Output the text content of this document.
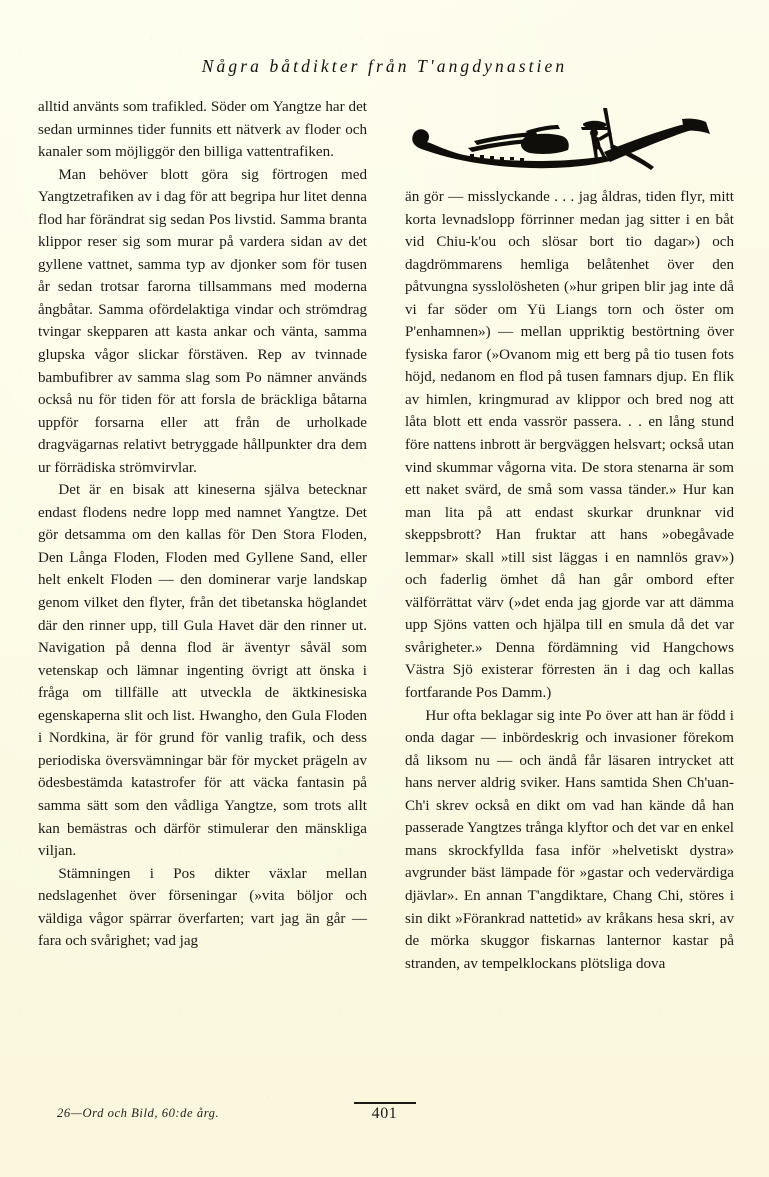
Några båtdikter från T'angdynastien

alltid använts som trafikled. Söder om Yangtze har det sedan urminnes tider funnits ett nätverk av floder och kanaler som möjliggör den billiga vattentrafiken.

Man behöver blott göra sig förtrogen med Yangtzetrafiken av i dag för att begripa hur litet denna flod har förändrat sig sedan Pos livstid. Samma branta klippor reser sig som murar på vardera sidan av det gyllene vattnet, samma typ av djonker som för tusen år sedan trotsar farorna tillsammans med moderna ångbåtar. Samma ofördelaktiga vindar och strömdrag tvingar skepparen att kasta ankar och vänta, samma glupska vågor slickar förstäven. Rep av tvinnade bambufibrer av samma slag som Po nämner används också nu för tiden för att forsla de bräckliga båtarna uppför forsarna eller att från de urholkade dragvägarnas relativt betryggade hållpunkter dra dem ur förrädiska strömvirvlar.

Det är en bisak att kineserna själva betecknar endast flodens nedre lopp med namnet Yangtze. Det gör detsamma om den kallas för Den Stora Floden, Den Långa Floden, Floden med Gyllene Sand, eller helt enkelt Floden — den dominerar varje landskap genom vilket den flyter, från det tibetanska höglandet där den rinner upp, till Gula Havet där den rinner ut. Navigation på denna flod är äventyr såväl som vetenskap och lämnar ingenting övrigt att önska i fråga om tillfälle att utveckla de äktkinesiska egenskaperna slit och list. Hwangho, den Gula Floden i Nordkina, är för grund för vanlig trafik, och dess periodiska översvämningar bär för mycket prägeln av ödesbestämda katastrofer för att väcka fantasin på samma sätt som den vådliga Yangtze, som trots allt kan bemästras och därför stimulerar den mänskliga viljan.

Stämningen i Pos dikter växlar mellan nedslagenhet över förseningar (»vita böljor och väldiga vågor spärrar överfarten; vart jag än går — fara och svårighet; vad jag

än gör — misslyckande . . . jag åldras, tiden flyr, mitt korta levnadslopp förrinner medan jag sitter i en båt vid Chiu-k'ou och slösar bort tio dagar») och dagdrömmarens hemliga belåtenhet över den påtvungna sysslolösheten (»hur gripen blir jag inte då vi far söder om Yü Liangs torn och öster om P'enhamnen») — mellan uppriktig bestörtning över fysiska faror (»Ovanom mig ett berg på tio tusen fots höjd, nedanom en flod på tusen famnars djup. En flik av himlen, kringmurad av klippor och bred nog att låta blott ett enda vassrör passera. . . en lång stund före nattens inbrott är bergväggen helsvart; också utan vind skummar vågorna vita. De stora stenarna är som ett naket svärd, de små som vassa tänder.» Hur kan man lita på att endast skurkar drunknar vid skeppsbrott? Han fruktar att hans »obegåvade lemmar» skall »till sist läggas i en namnlös grav») och faderlig ömhet då han går ombord efter välförrättat värv (»det enda jag gjorde var att dämma upp Sjöns vatten och hjälpa till en smula då det var svårigheter.» Denna fördämning vid Hangchows Västra Sjö existerar förresten än i dag och kallas fortfarande Pos Damm.)

Hur ofta beklagar sig inte Po över att han är född i onda dagar — inbördeskrig och invasioner förekom då liksom nu — och ändå får läsaren intrycket att hans nerver aldrig sviker. Hans samtida Shen Ch'uan-Ch'i skrev också en dikt om vad han kände då han passerade Yangtzes trånga klyftor och det var en enkel mans skrockfyllda fasa inför »helvetiskt dystra» avgrunder bäst lämpade för »gastar och vedervärdiga djävlar». En annan T'angdiktare, Chang Chi, störes i sin dikt »Förankrad nattetid» av kråkans hesa skri, av de mörka skuggor fiskarnas lanternor kastar på stranden, av tempelklockans plötsliga dova

26—Ord och Bild, 60:de årg.	401
